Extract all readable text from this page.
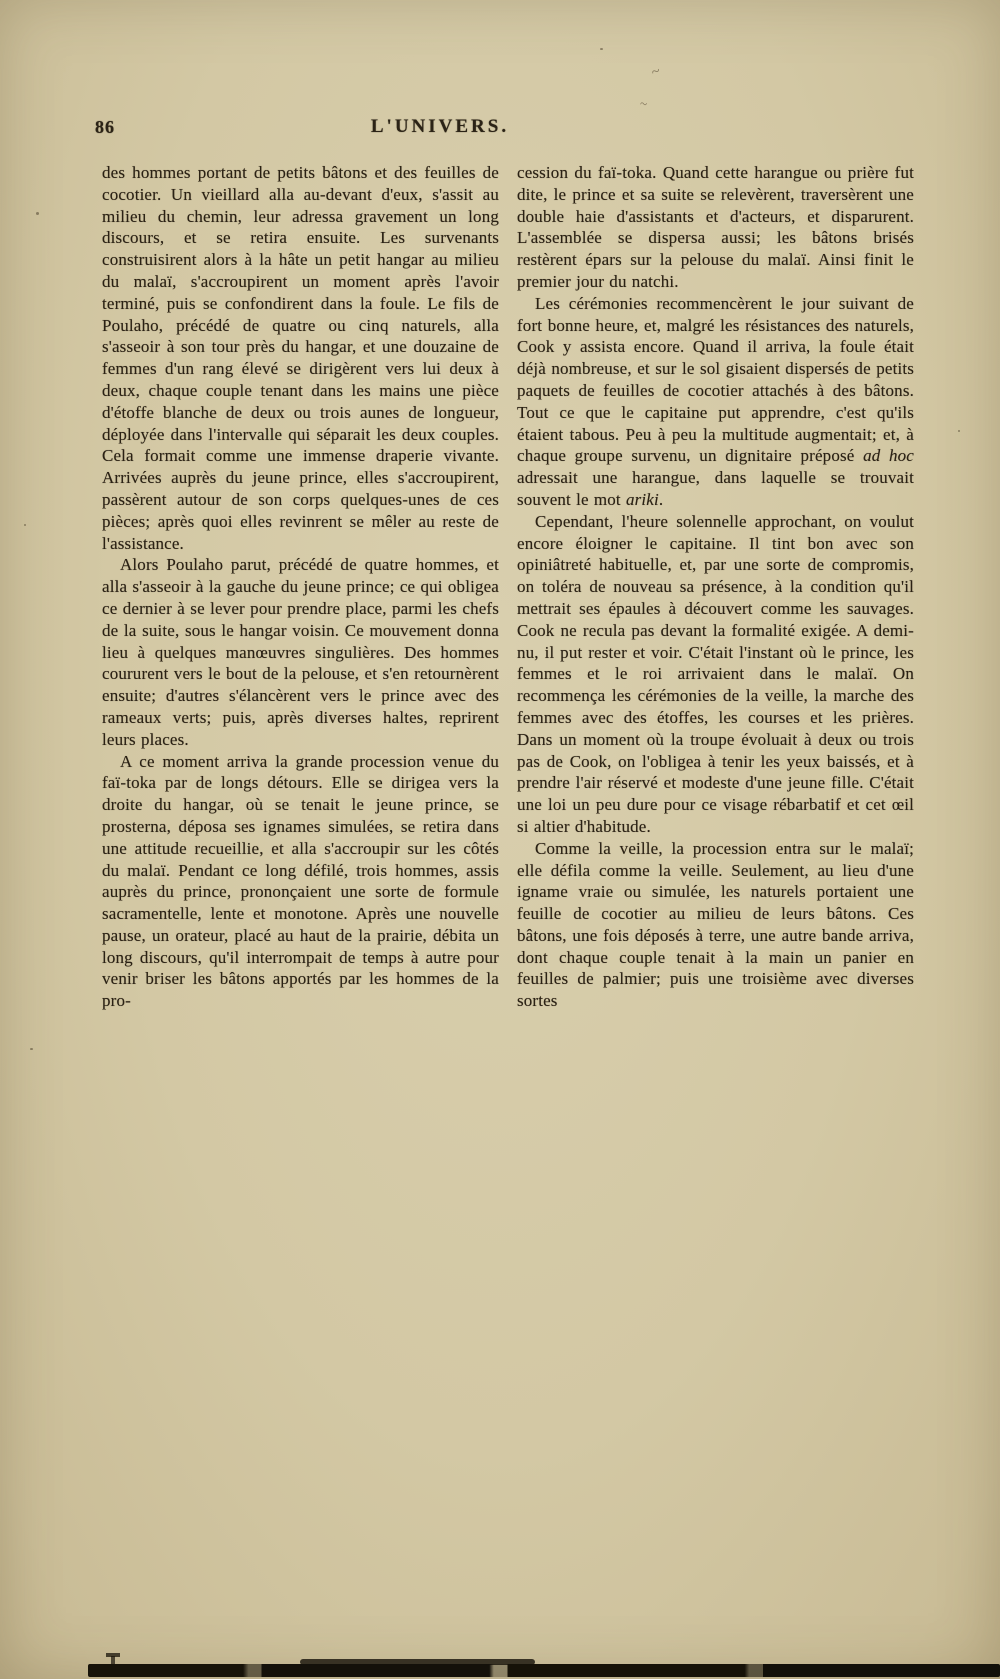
86	L'UNIVERS.

des hommes portant de petits bâtons et des feuilles de cocotier. Un vieillard alla au-devant d'eux, s'assit au milieu du chemin, leur adressa gravement un long discours, et se retira ensuite. Les survenants construisirent alors à la hâte un petit hangar au milieu du malaï, s'accroupirent un moment après l'avoir terminé, puis se confondirent dans la foule. Le fils de Poulaho, précédé de quatre ou cinq naturels, alla s'asseoir à son tour près du hangar, et une douzaine de femmes d'un rang élevé se dirigèrent vers lui deux à deux, chaque couple tenant dans les mains une pièce d'étoffe blanche de deux ou trois aunes de longueur, déployée dans l'intervalle qui séparait les deux couples. Cela formait comme une immense draperie vivante. Arrivées auprès du jeune prince, elles s'accroupirent, passèrent autour de son corps quelques-unes de ces pièces; après quoi elles revinrent se mêler au reste de l'assistance.

Alors Poulaho parut, précédé de quatre hommes, et alla s'asseoir à la gauche du jeune prince; ce qui obligea ce dernier à se lever pour prendre place, parmi les chefs de la suite, sous le hangar voisin. Ce mouvement donna lieu à quelques manœuvres singulières. Des hommes coururent vers le bout de la pelouse, et s'en retournèrent ensuite; d'autres s'élancèrent vers le prince avec des rameaux verts; puis, après diverses haltes, reprirent leurs places.

A ce moment arriva la grande procession venue du faï-toka par de longs détours. Elle se dirigea vers la droite du hangar, où se tenait le jeune prince, se prosterna, déposa ses ignames simulées, se retira dans une attitude recueillie, et alla s'accroupir sur les côtés du malaï. Pendant ce long défilé, trois hommes, assis auprès du prince, prononçaient une sorte de formule sacramentelle, lente et monotone. Après une nouvelle pause, un orateur, placé au haut de la prairie, débita un long discours, qu'il interrompait de temps à autre pour venir briser les bâtons apportés par les hommes de la pro-

cession du faï-toka. Quand cette harangue ou prière fut dite, le prince et sa suite se relevèrent, traversèrent une double haie d'assistants et d'acteurs, et disparurent. L'assemblée se dispersa aussi; les bâtons brisés restèrent épars sur la pelouse du malaï. Ainsi finit le premier jour du natchi.

Les cérémonies recommencèrent le jour suivant de fort bonne heure, et, malgré les résistances des naturels, Cook y assista encore. Quand il arriva, la foule était déjà nombreuse, et sur le sol gisaient dispersés de petits paquets de feuilles de cocotier attachés à des bâtons. Tout ce que le capitaine put apprendre, c'est qu'ils étaient tabous. Peu à peu la multitude augmentait; et, à chaque groupe survenu, un dignitaire préposé ad hoc adressait une harangue, dans laquelle se trouvait souvent le mot ariki.

Cependant, l'heure solennelle approchant, on voulut encore éloigner le capitaine. Il tint bon avec son opiniâtreté habituelle, et, par une sorte de compromis, on toléra de nouveau sa présence, à la condition qu'il mettrait ses épaules à découvert comme les sauvages. Cook ne recula pas devant la formalité exigée. A demi-nu, il put rester et voir. C'était l'instant où le prince, les femmes et le roi arrivaient dans le malaï. On recommença les cérémonies de la veille, la marche des femmes avec des étoffes, les courses et les prières. Dans un moment où la troupe évoluait à deux ou trois pas de Cook, on l'obligea à tenir les yeux baissés, et à prendre l'air réservé et modeste d'une jeune fille. C'était une loi un peu dure pour ce visage rébarbatif et cet œil si altier d'habitude.

Comme la veille, la procession entra sur le malaï; elle défila comme la veille. Seulement, au lieu d'une igname vraie ou simulée, les naturels portaient une feuille de cocotier au milieu de leurs bâtons. Ces bâtons, une fois déposés à terre, une autre bande arriva, dont chaque couple tenait à la main un panier en feuilles de palmier; puis une troisième avec diverses sortes

~
~
